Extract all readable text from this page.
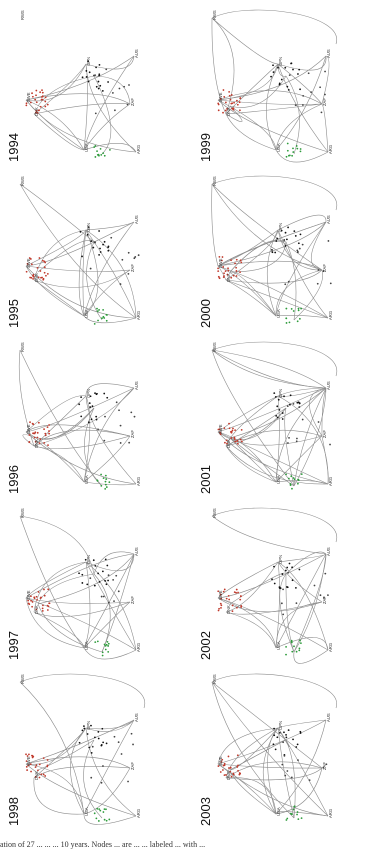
RWS
SWE
DNK
USA	ARG
ZAF
OPN
AUS
1994
RWS
SWE
DNK
USA	ARG
ZAF
OPN
AUS
1995
RWS
SWE
DNK
USA	ARG
ZAF
OPN
AUS
1996
RWS
SWE
DNK
USA	ARG
ZAF
OPN
AUS
1997
RWS
SWE
DNK
USA	ARG
ZAF
OPN
AUS
1998
RWS
SWE
DNK
USA	ARG
ZAF
OPN
AUS
1999
RWS
SWE
DNK
USA	ARG
ZAF
OPN
AUS
2000
RWS
SWE
DNK
USA	ARG
ZAF
OPN
AUS
2001
RWS
SWE
DNK
USA	ARG
ZAF
OPN
AUS
2002
RWS
SWE
DNK
USA	ARG
ZAF
OPN
AUS
2003
ation of 27 ... ... ... 10 years. Nodes ... are ... ... labeled ... with ...
